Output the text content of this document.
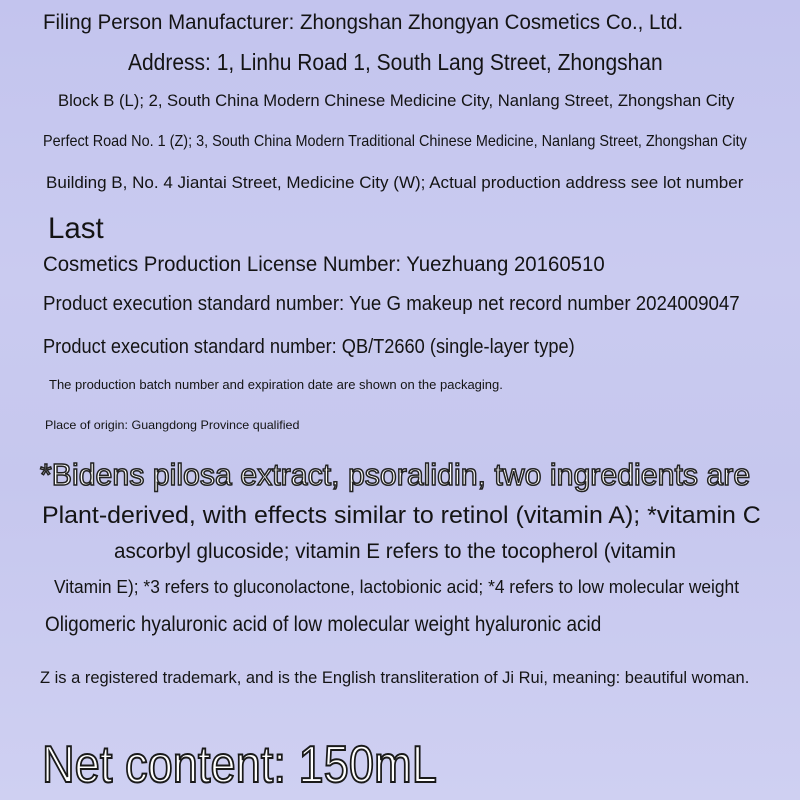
Filing Person Manufacturer: Zhongshan Zhongyan Cosmetics Co., Ltd.

Address: 1, Linhu Road 1, South Lang Street, Zhongshan

Block B (L); 2, South China Modern Chinese Medicine City, Nanlang Street, Zhongshan City

Perfect Road No. 1 (Z); 3, South China Modern Traditional Chinese Medicine, Nanlang Street, Zhongshan City

Building B, No. 4 Jiantai Street, Medicine City (W); Actual production address see lot number

Last

Cosmetics Production License Number: Yuezhuang 20160510

Product execution standard number: Yue G makeup net record number 2024009047

Product execution standard number: QB/T2660 (single-layer type)

The production batch number and expiration date are shown on the packaging.

Place of origin: Guangdong Province qualified

*Bidens pilosa extract, psoralidin, two ingredients are

Plant-derived, with effects similar to retinol (vitamin A); *vitamin C

ascorbyl glucoside; vitamin E refers to the tocopherol (vitamin

Vitamin E); *3 refers to gluconolactone, lactobionic acid; *4 refers to low molecular weight

Oligomeric hyaluronic acid of low molecular weight hyaluronic acid

Z is a registered trademark, and is the English transliteration of Ji Rui, meaning: beautiful woman.

Net content: 150mL
